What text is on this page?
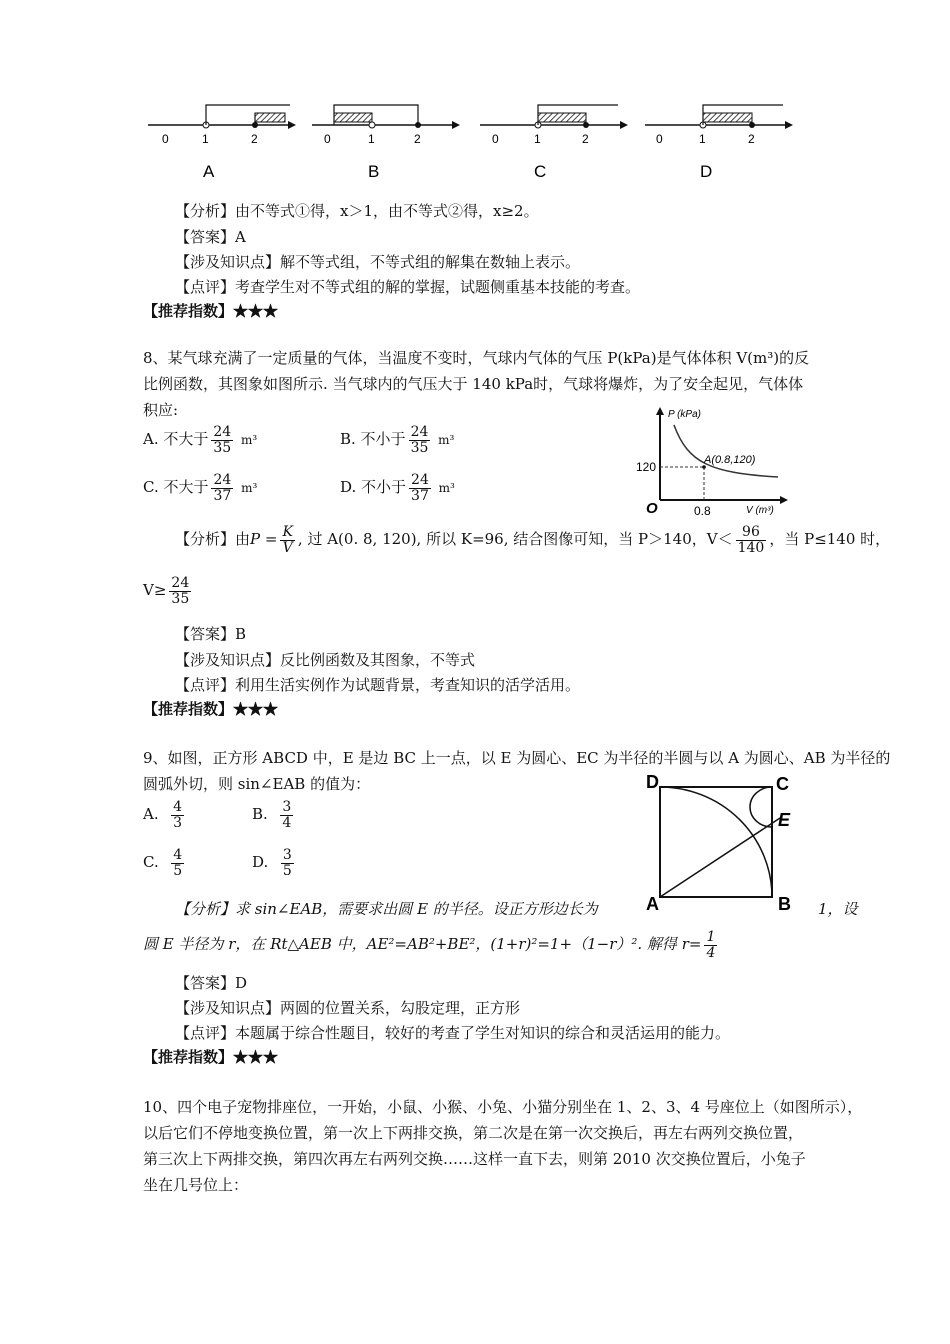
0	1	2
A
0	1	2
B
0	1	2
C
0	1	2
D
【分析】由不等式①得，x＞1，由不等式②得，x≥2。
【答案】A
【涉及知识点】解不等式组，不等式组的解集在数轴上表示。
【点评】考查学生对不等式组的解的掌握，试题侧重基本技能的考查。
【推荐指数】★★★
8、某气球充满了一定质量的气体，当温度不变时，气球内气体的气压 P(kPa)是气体体积 V(m³)的反
比例函数，其图象如图所示. 当气球内的气压大于 140 kPa时，气球将爆炸，为了安全起见，气体体
积应:
A. 不大于 $\frac{24}{35} m^3$	B. 不小于 $\frac{24}{35} m^3$
C. 不大于 $\frac{24}{37} m^3$	D. 不小于 $\frac{24}{37} m^3$
P (kPa)
V (m³)
O
120
0.8
A(0.8,120)
【分析】由$P = \frac{K}{V}$ , 过 A(0. 8, 120), 所以 K=96, 结合图像可知，当 P＞140，$V< \frac{96}{140}$ ，当 P≤140 时，
$V\ge \frac{24}{35}$
【答案】B
【涉及知识点】反比例函数及其图象，不等式
【点评】利用生活实例作为试题背景，考查知识的活学活用。
【推荐指数】★★★
9、如图，正方形 ABCD 中，E 是边 BC 上一点，以 E 为圆心、EC 为半径的半圆与以 A 为圆心、AB 为半径的
圆弧外切，则 sin∠EAB 的值为：
A. $\frac{4}{3}$	B. $\frac{3}{4}$
C. $\frac{4}{5}$	D. $\frac{3}{5}$
D	C
E
A	B
【分析】求 sin∠EAB，需要求出圆 E 的半径。设正方形边长为	1，设
圆 E 半径为 r，在 Rt△AEB 中，AE²=AB²+BE²，(1+r)²=1+（1−r）². 解得 $r= \frac{1}{4}$
【答案】D
【涉及知识点】两圆的位置关系，勾股定理，正方形
【点评】本题属于综合性题目，较好的考查了学生对知识的综合和灵活运用的能力。
【推荐指数】★★★
10、四个电子宠物排座位，一开始，小鼠、小猴、小兔、小猫分别坐在 1、2、3、4 号座位上（如图所示），
以后它们不停地变换位置，第一次上下两排交换，第二次是在第一次交换后，再左右两列交换位置，
第三次上下两排交换，第四次再左右两列交换……这样一直下去，则第 2010 次交换位置后，小兔子
坐在几号位上：
